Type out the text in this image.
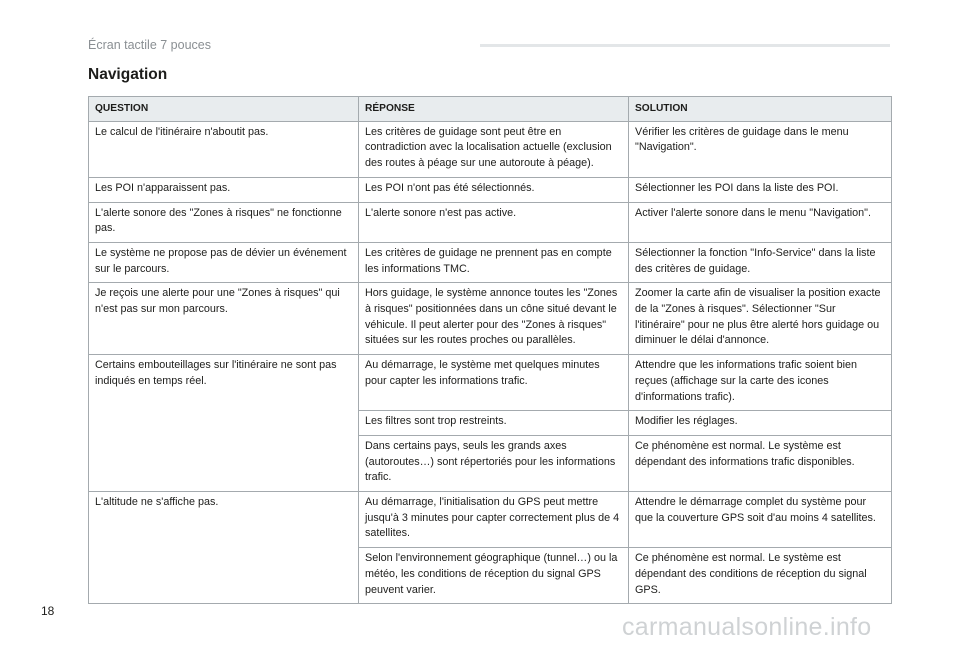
Écran tactile 7 pouces
Navigation
QUESTION	RÉPONSE	SOLUTION
Le calcul de l'itinéraire n'aboutit pas.	Les critères de guidage sont peut être en contradiction avec la localisation actuelle (exclusion des routes à péage sur une autoroute à péage).	Vérifier les critères de guidage dans le menu "Navigation".
Les POI n'apparaissent pas.	Les POI n'ont pas été sélectionnés.	Sélectionner les POI dans la liste des POI.
L'alerte sonore des "Zones à risques" ne fonctionne pas.	L'alerte sonore n'est pas active.	Activer l'alerte sonore dans le menu "Navigation".
Le système ne propose pas de dévier un événement sur le parcours.	Les critères de guidage ne prennent pas en compte les informations TMC.	Sélectionner la fonction "Info-Service" dans la liste des critères de guidage.
Je reçois une alerte pour une "Zones à risques" qui n'est pas sur mon parcours.	Hors guidage, le système annonce toutes les "Zones à risques" positionnées dans un cône situé devant le véhicule. Il peut alerter pour des "Zones à risques" situées sur les routes proches ou parallèles.	Zoomer la carte afin de visualiser la position exacte de la "Zones à risques". Sélectionner "Sur l'itinéraire" pour ne plus être alerté hors guidage ou diminuer le délai d'annonce.
Certains embouteillages sur l'itinéraire ne sont pas indiqués en temps réel.	Au démarrage, le système met quelques minutes pour capter les informations trafic.	Attendre que les informations trafic soient bien reçues (affichage sur la carte des icones d'informations trafic).
	Les filtres sont trop restreints.	Modifier les réglages.
	Dans certains pays, seuls les grands axes (autoroutes…) sont répertoriés pour les informations trafic.	Ce phénomène est normal. Le système est dépendant des informations trafic disponibles.
L'altitude ne s'affiche pas.	Au démarrage, l'initialisation du GPS peut mettre jusqu'à 3 minutes pour capter correctement plus de 4 satellites.	Attendre le démarrage complet du système pour que la couverture GPS soit d'au moins 4 satellites.
	Selon l'environnement géographique (tunnel…) ou la météo, les conditions de réception du signal GPS peuvent varier.	Ce phénomène est normal. Le système est dépendant des conditions de réception du signal GPS.
18
carmanualsonline.info
